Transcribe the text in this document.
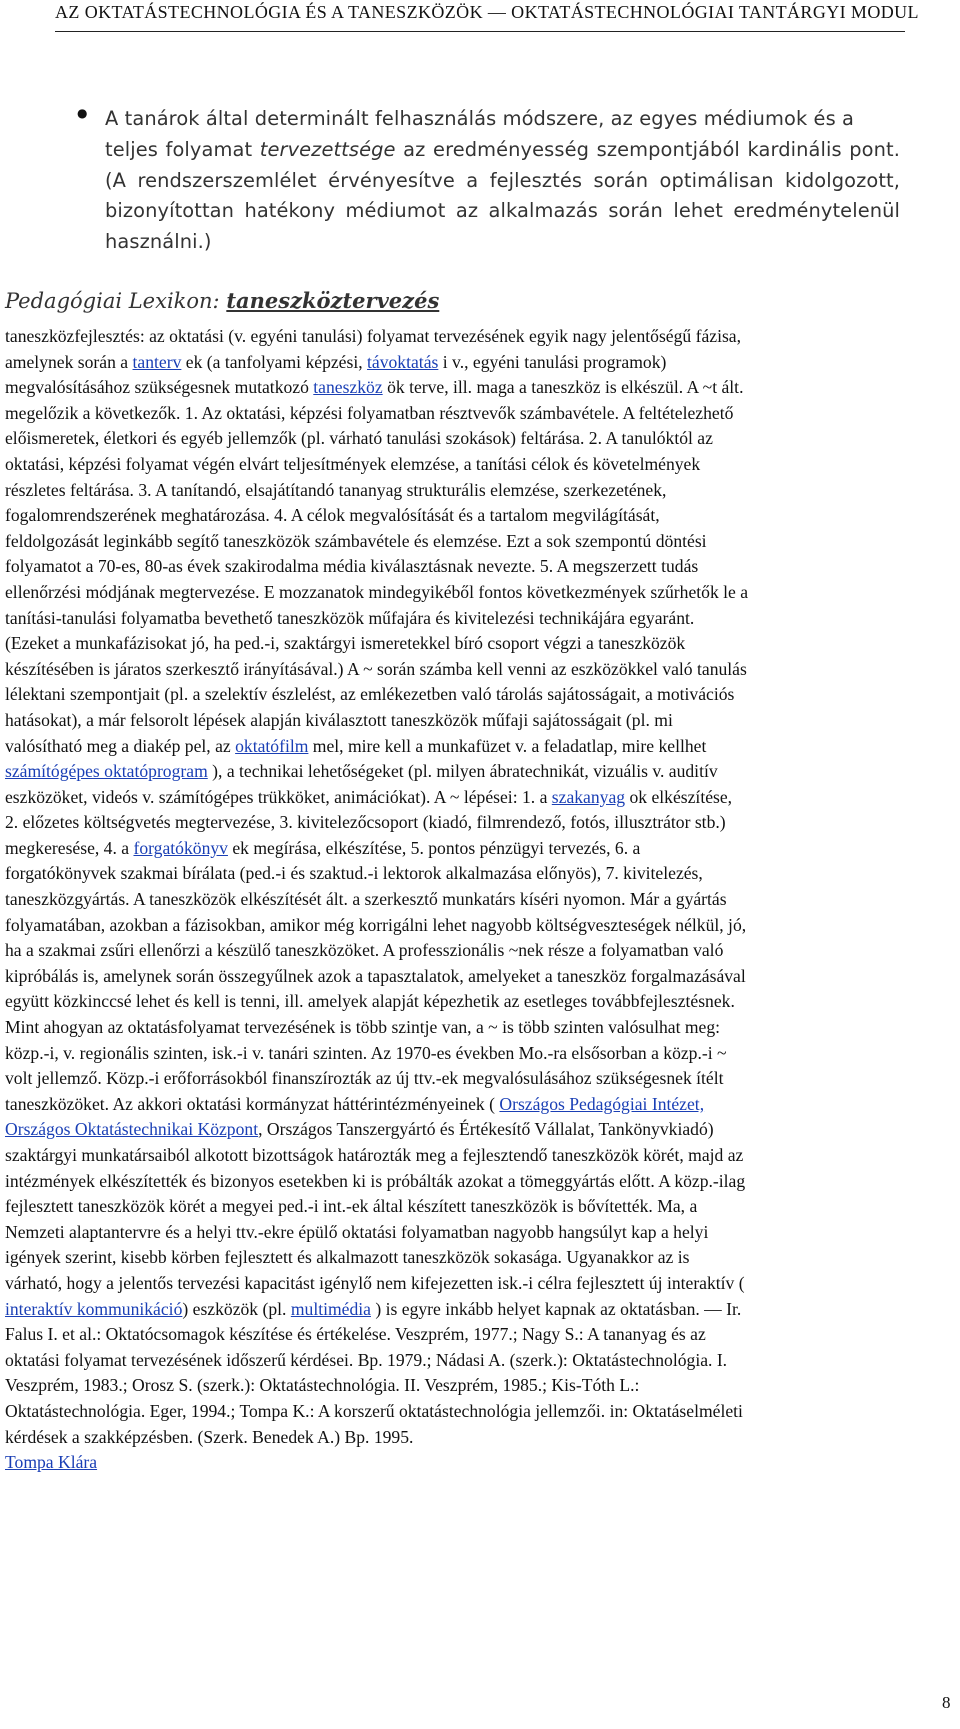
AZ OKTATÁSTECHNOLÓGIA ÉS A TANESZKÖZÖK — OKTATÁSTECHNOLÓGIAI TANTÁRGYI MODUL
● A tanárok által determinált felhasználás módszere, az egyes médiumok és a
teljes folyamat tervezettsége az eredményesség szempontjából kardinális pont. (A rendszerszemlélet érvényesítve a fejlesztés során optimálisan kidolgozott, bizonyítottan hatékony médiumot az alkalmazás során lehet eredménytelenül használni.)
Pedagógiai Lexikon: taneszköztervezés
taneszközfejlesztés: az oktatási (v. egyéni tanulási) folyamat tervezésének egyik nagy jelentőségű fázisa,
amelynek során a tanterv ek (a tanfolyami képzési, távoktatás i v., egyéni tanulási programok)
megvalósításához szükségesnek mutatkozó taneszköz ök terve, ill. maga a taneszköz is elkészül. A ~t ált.
megelőzik a következők. 1. Az oktatási, képzési folyamatban résztvevők számbavétele. A feltételezhető
előismeretek, életkori és egyéb jellemzők (pl. várható tanulási szokások) feltárása. 2. A tanulóktól az
oktatási, képzési folyamat végén elvárt teljesítmények elemzése, a tanítási célok és követelmények
részletes feltárása. 3. A tanítandó, elsajátítandó tananyag strukturális elemzése, szerkezetének,
fogalomrendszerének meghatározása. 4. A célok megvalósítását és a tartalom megvilágítását,
feldolgozását leginkább segítő taneszközök számbavétele és elemzése. Ezt a sok szempontú döntési
folyamatot a 70-es, 80-as évek szakirodalma média kiválasztásnak nevezte. 5. A megszerzett tudás
ellenőrzési módjának megtervezése. E mozzanatok mindegyikéből fontos következmények szűrhetők le a
tanítási-tanulási folyamatba bevethető taneszközök műfajára és kivitelezési technikájára egyaránt.
(Ezeket a munkafázisokat jó, ha ped.-i, szaktárgyi ismeretekkel bíró csoport végzi a taneszközök
készítésében is járatos szerkesztő irányításával.) A ~ során számba kell venni az eszközökkel való tanulás
lélektani szempontjait (pl. a szelektív észlelést, az emlékezetben való tárolás sajátosságait, a motivációs
hatásokat), a már felsorolt lépések alapján kiválasztott taneszközök műfaji sajátosságait (pl. mi
valósítható meg a diakép pel, az oktatófilm mel, mire kell a munkafüzet v. a feladatlap, mire kellhet
számítógépes oktatóprogram ), a technikai lehetőségeket (pl. milyen ábratechnikát, vizuális v. auditív
eszközöket, videós v. számítógépes trükköket, animációkat). A ~ lépései: 1. a szakanyag ok elkészítése,
2. előzetes költségvetés megtervezése, 3. kivitelezőcsoport (kiadó, filmrendező, fotós, illusztrátor stb.)
megkeresése, 4. a forgatókönyv ek megírása, elkészítése, 5. pontos pénzügyi tervezés, 6. a
forgatókönyvek szakmai bírálata (ped.-i és szaktud.-i lektorok alkalmazása előnyös), 7. kivitelezés,
taneszközgyártás. A taneszközök elkészítését ált. a szerkesztő munkatárs kíséri nyomon. Már a gyártás
folyamatában, azokban a fázisokban, amikor még korrigálni lehet nagyobb költségveszteségek nélkül, jó,
ha a szakmai zsűri ellenőrzi a készülő taneszközöket. A professzionális ~nek része a folyamatban való
kipróbálás is, amelynek során összegyűlnek azok a tapasztalatok, amelyeket a taneszköz forgalmazásával
együtt közkinccsé lehet és kell is tenni, ill. amelyek alapját képezhetik az esetleges továbbfejlesztésnek.
Mint ahogyan az oktatásfolyamat tervezésének is több szintje van, a ~ is több szinten valósulhat meg:
közp.-i, v. regionális szinten, isk.-i v. tanári szinten. Az 1970-es években Mo.-ra elsősorban a közp.-i ~
volt jellemző. Közp.-i erőforrásokból finanszírozták az új ttv.-ek megvalósulásához szükségesnek ítélt
taneszközöket. Az akkori oktatási kormányzat háttérintézményeinek ( Országos Pedagógiai Intézet,
Országos Oktatástechnikai Központ, Országos Tanszergyártó és Értékesítő Vállalat, Tankönyvkiadó)
szaktárgyi munkatársaiból alkotott bizottságok határozták meg a fejlesztendő taneszközök körét, majd az
intézmények elkészítették és bizonyos esetekben ki is próbálták azokat a tömeggyártás előtt. A közp.-ilag
fejlesztett taneszközök körét a megyei ped.-i int.-ek által készített taneszközök is bővítették. Ma, a
Nemzeti alaptantervre és a helyi ttv.-ekre épülő oktatási folyamatban nagyobb hangsúlyt kap a helyi
igények szerint, kisebb körben fejlesztett és alkalmazott taneszközök sokasága. Ugyanakkor az is
várható, hogy a jelentős tervezési kapacitást igénylő nem kifejezetten isk.-i célra fejlesztett új interaktív (
interaktív kommunikáció) eszközök (pl. multimédia ) is egyre inkább helyet kapnak az oktatásban. ― Ir.
Falus I. et al.: Oktatócsomagok készítése és értékelése. Veszprém, 1977.; Nagy S.: A tananyag és az
oktatási folyamat tervezésének időszerű kérdései. Bp. 1979.; Nádasi A. (szerk.): Oktatástechnológia. I.
Veszprém, 1983.; Orosz S. (szerk.): Oktatástechnológia. II. Veszprém, 1985.; Kis-Tóth L.:
Oktatástechnológia. Eger, 1994.; Tompa K.: A korszerű oktatástechnológia jellemzői. in: Oktatáselméleti
kérdések a szakképzésben. (Szerk. Benedek A.) Bp. 1995.
Tompa Klára
8
